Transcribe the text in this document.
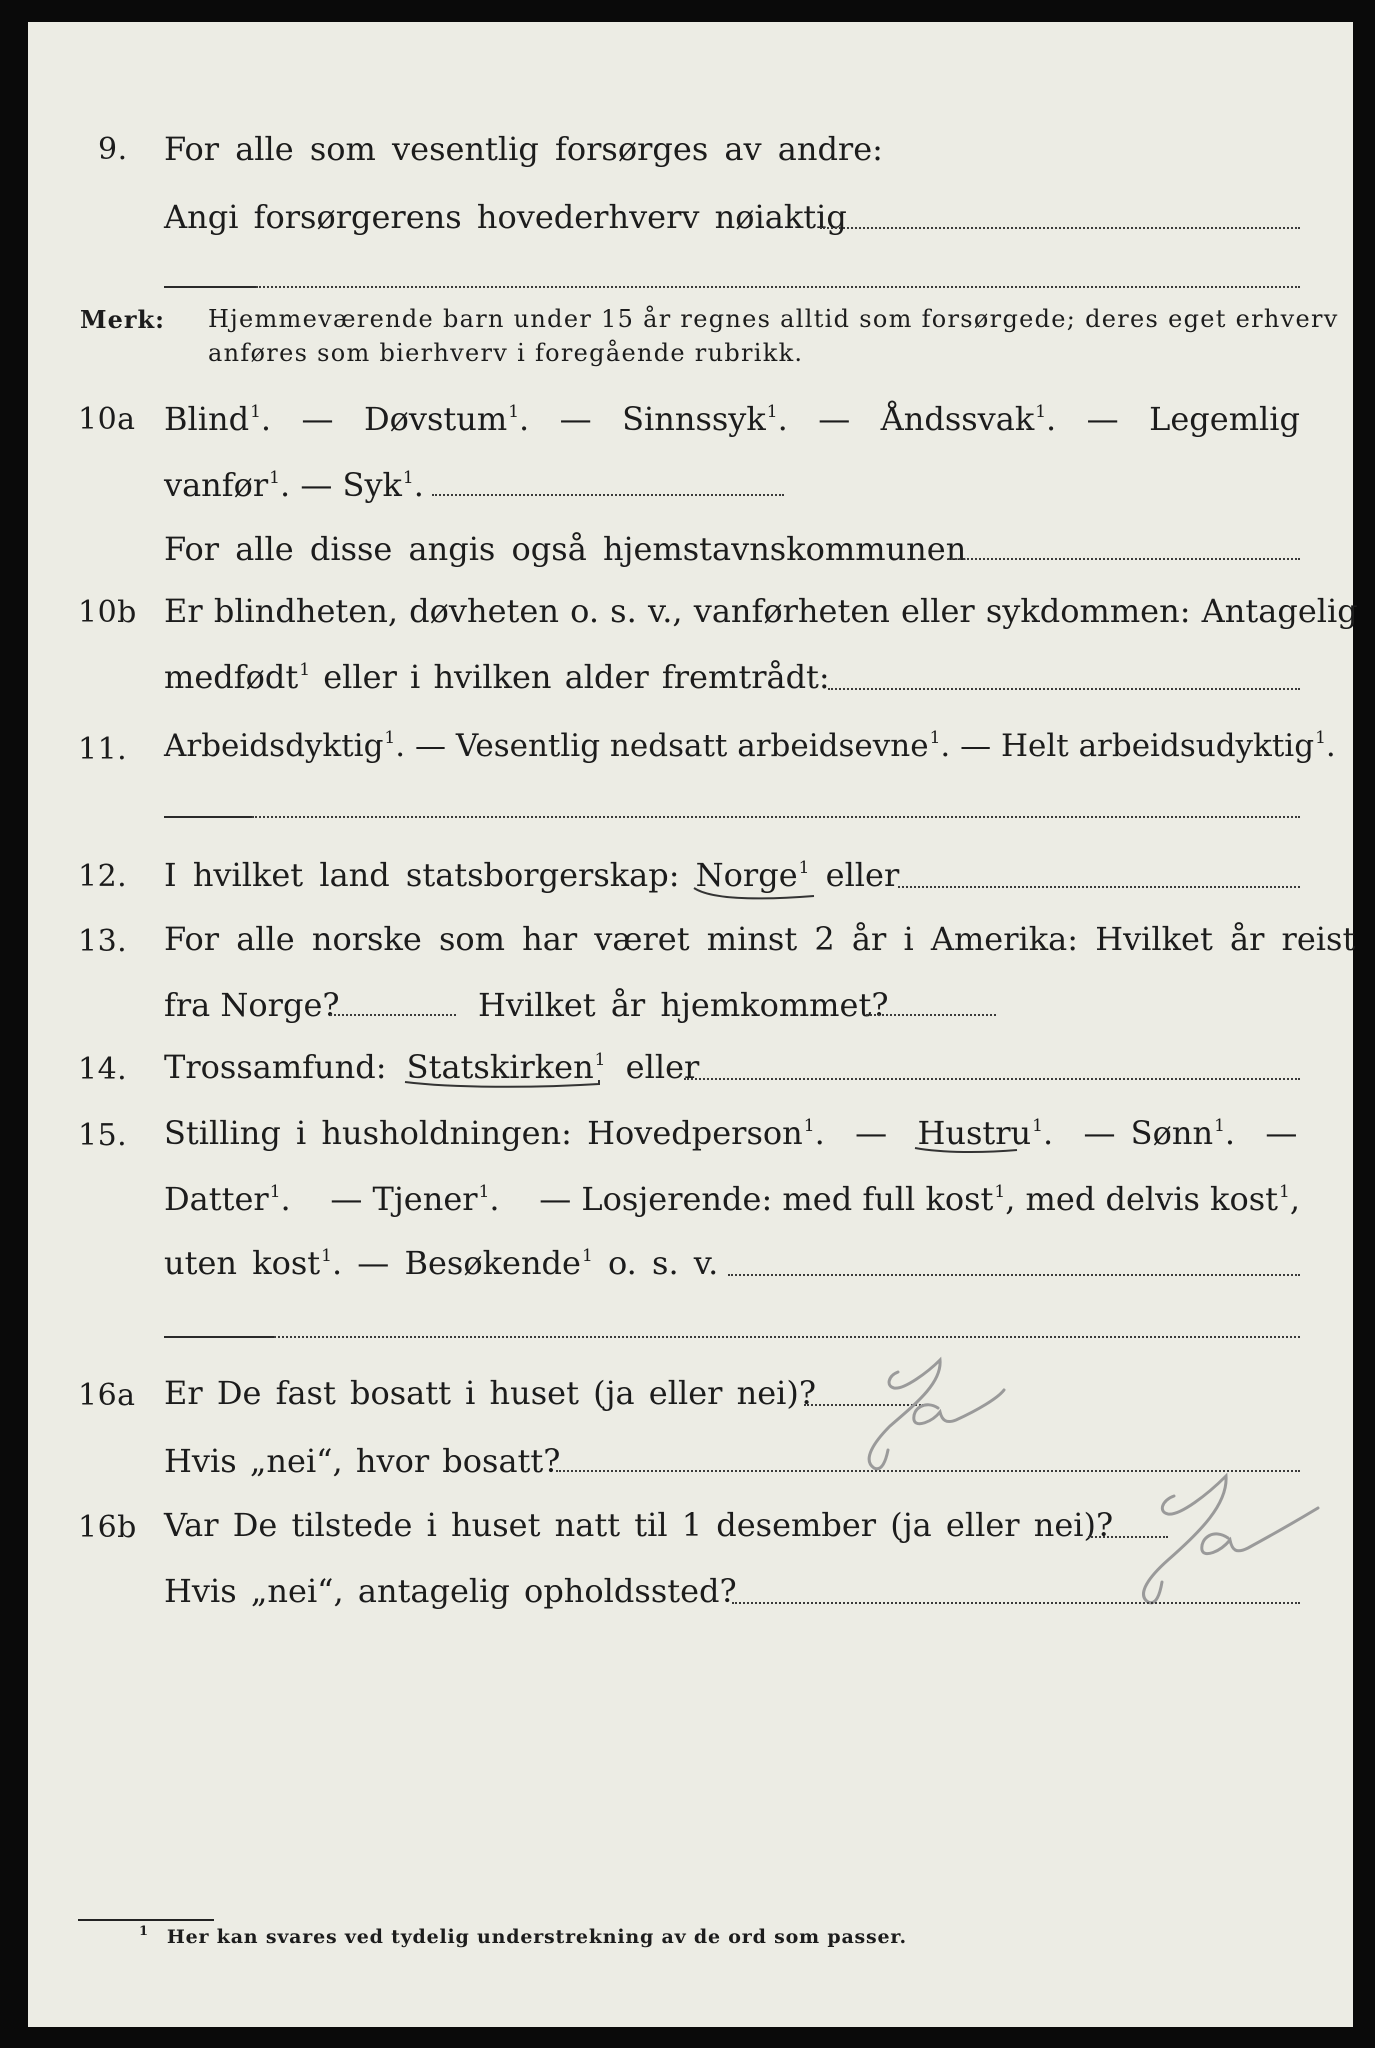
9. For alle som vesentlig forsørges av andre:
Angi forsørgerens hovederhverv nøiaktig
Merk: Hjemmeværende barn under 15 år regnes alltid som forsørgede; deres eget erhverv
anføres som bierhverv i foregående rubrikk.
10a Blind$^1$. — Døvstum$^1$. — Sinnssyk$^1$. — Åndssvak$^1$. — Legemlig
vanfør$^1$. — Syk$^1$.
For alle disse angis også hjemstavnskommunen
10b Er blindheten, døvheten o. s. v., vanførheten eller sykdommen: Antagelig
medfødt$^1$ eller i hvilken alder fremtrådt:
11. Arbeidsdyktig$^1$. — Vesentlig nedsatt arbeidsevne$^1$. — Helt arbeidsudyktig$^1$.
12. I hvilket land statsborgerskap: Norge$^1$ eller
13. For alle norske som har været minst 2 år i Amerika: Hvilket år reist
fra Norge?	Hvilket år hjemkommet?
14. Trossamfund: Statskirken$^1$ eller
15. Stilling i husholdningen: Hovedperson$^1$. — Hustru$^1$.
— Sønn$^1$. —
Datter$^1$. — Tjener$^1$. — Losjerende: med full kost$^1$, med delvis kost$^1$,
uten kost$^1$. — Besøkende$^1$ o. s. v.
16a Er De fast bosatt i huset (ja eller nei)?
Hvis „nei“, hvor bosatt?
16b Var De tilstede i huset natt til 1 desember (ja eller nei)?
Hvis „nei“, antagelig opholdssted?
$^1$ Her kan svares ved tydelig understrekning av de ord som passer.
